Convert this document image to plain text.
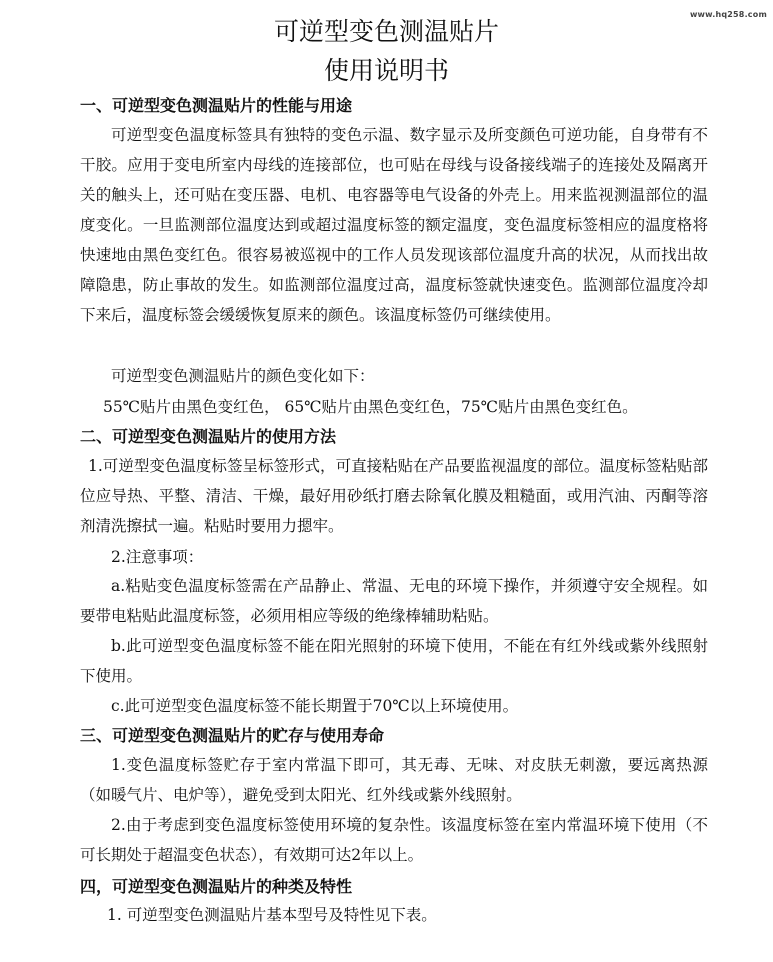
www.hq258.com
可逆型变色测温贴片
使用说明书
一、可逆型变色测温贴片的性能与用途
可逆型变色温度标签具有独特的变色示温、数字显示及所变颜色可逆功能，自身带有不干胶。应用于变电所室内母线的连接部位，也可贴在母线与设备接线端子的连接处及隔离开关的触头上，还可贴在变压器、电机、电容器等电气设备的外壳上。用来监视测温部位的温度变化。一旦监测部位温度达到或超过温度标签的额定温度，变色温度标签相应的温度格将快速地由黑色变红色。很容易被巡视中的工作人员发现该部位温度升高的状况，从而找出故障隐患，防止事故的发生。如监测部位温度过高，温度标签就快速变色。监测部位温度冷却下来后，温度标签会缓缓恢复原来的颜色。该温度标签仍可继续使用。
可逆型变色测温贴片的颜色变化如下：
55℃贴片由黑色变红色， 65℃贴片由黑色变红色，75℃贴片由黑色变红色。
二、可逆型变色测温贴片的使用方法
1.可逆型变色温度标签呈标签形式，可直接粘贴在产品要监视温度的部位。温度标签粘贴部位应导热、平整、清洁、干燥，最好用砂纸打磨去除氧化膜及粗糙面，或用汽油、丙酮等溶剂清洗擦拭一遍。粘贴时要用力摁牢。
2.注意事项：
a.粘贴变色温度标签需在产品静止、常温、无电的环境下操作，并须遵守安全规程。如要带电粘贴此温度标签，必须用相应等级的绝缘棒辅助粘贴。
b.此可逆型变色温度标签不能在阳光照射的环境下使用，不能在有红外线或紫外线照射下使用。
c.此可逆型变色温度标签不能长期置于70℃以上环境使用。
三、可逆型变色测温贴片的贮存与使用寿命
1.变色温度标签贮存于室内常温下即可，其无毒、无味、对皮肤无刺激，要远离热源（如暖气片、电炉等），避免受到太阳光、红外线或紫外线照射。
2.由于考虑到变色温度标签使用环境的复杂性。该温度标签在室内常温环境下使用（不可长期处于超温变色状态），有效期可达2年以上。
四，可逆型变色测温贴片的种类及特性
1. 可逆型变色测温贴片基本型号及特性见下表。
